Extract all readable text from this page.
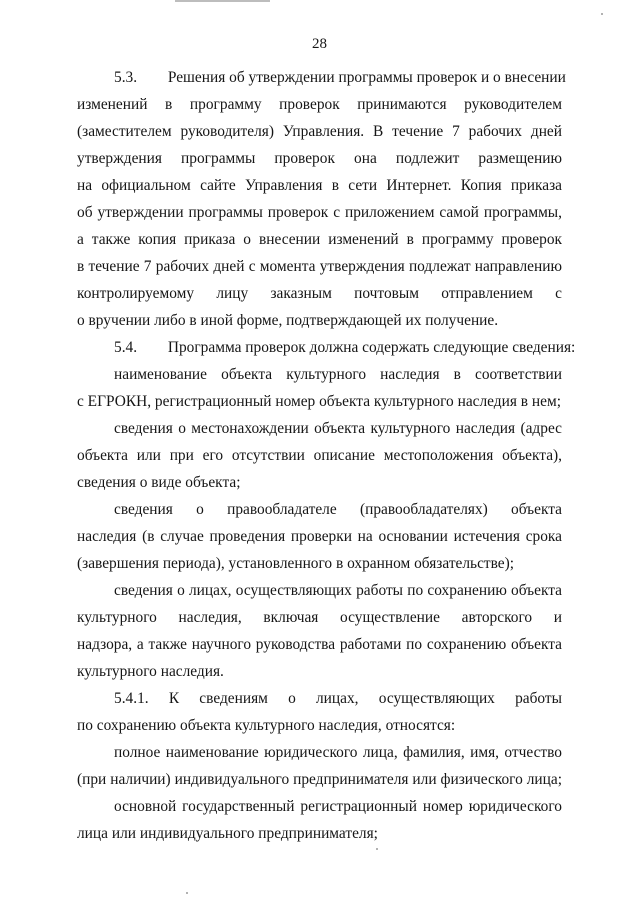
28
5.3.  Решения об утверждении программы проверок и о внесении
изменений в программу проверок принимаются руководителем
(заместителем руководителя) Управления. В течение 7 рабочих дней
утверждения программы проверок она подлежит размещению
на официальном сайте Управления в сети Интернет. Копия приказа
об утверждении программы проверок с приложением самой программы,
а также копия приказа о внесении изменений в программу проверок
в течение 7 рабочих дней с момента утверждения подлежат направлению
контролируемому лицу заказным почтовым отправлением с
о вручении либо в иной форме, подтверждающей их получение.
5.4.  Программа проверок должна содержать следующие сведения:
наименование объекта культурного наследия в соответствии
с ЕГРОКН, регистрационный номер объекта культурного наследия в нем;
сведения о местонахождении объекта культурного наследия (адрес
объекта или при его отсутствии описание местоположения объекта),
сведения о виде объекта;
сведения о правообладателе (правообладателях) объекта
наследия (в случае проведения проверки на основании истечения срока
(завершения периода), установленного в охранном обязательстве);
сведения о лицах, осуществляющих работы по сохранению объекта
культурного наследия, включая осуществление авторского и
надзора, а также научного руководства работами по сохранению объекта
культурного наследия.
5.4.1. К сведениям о лицах, осуществляющих работы
по сохранению объекта культурного наследия, относятся:
полное наименование юридического лица, фамилия, имя, отчество
(при наличии) индивидуального предпринимателя или физического лица;
основной государственный регистрационный номер юридического
лица или индивидуального предпринимателя;
